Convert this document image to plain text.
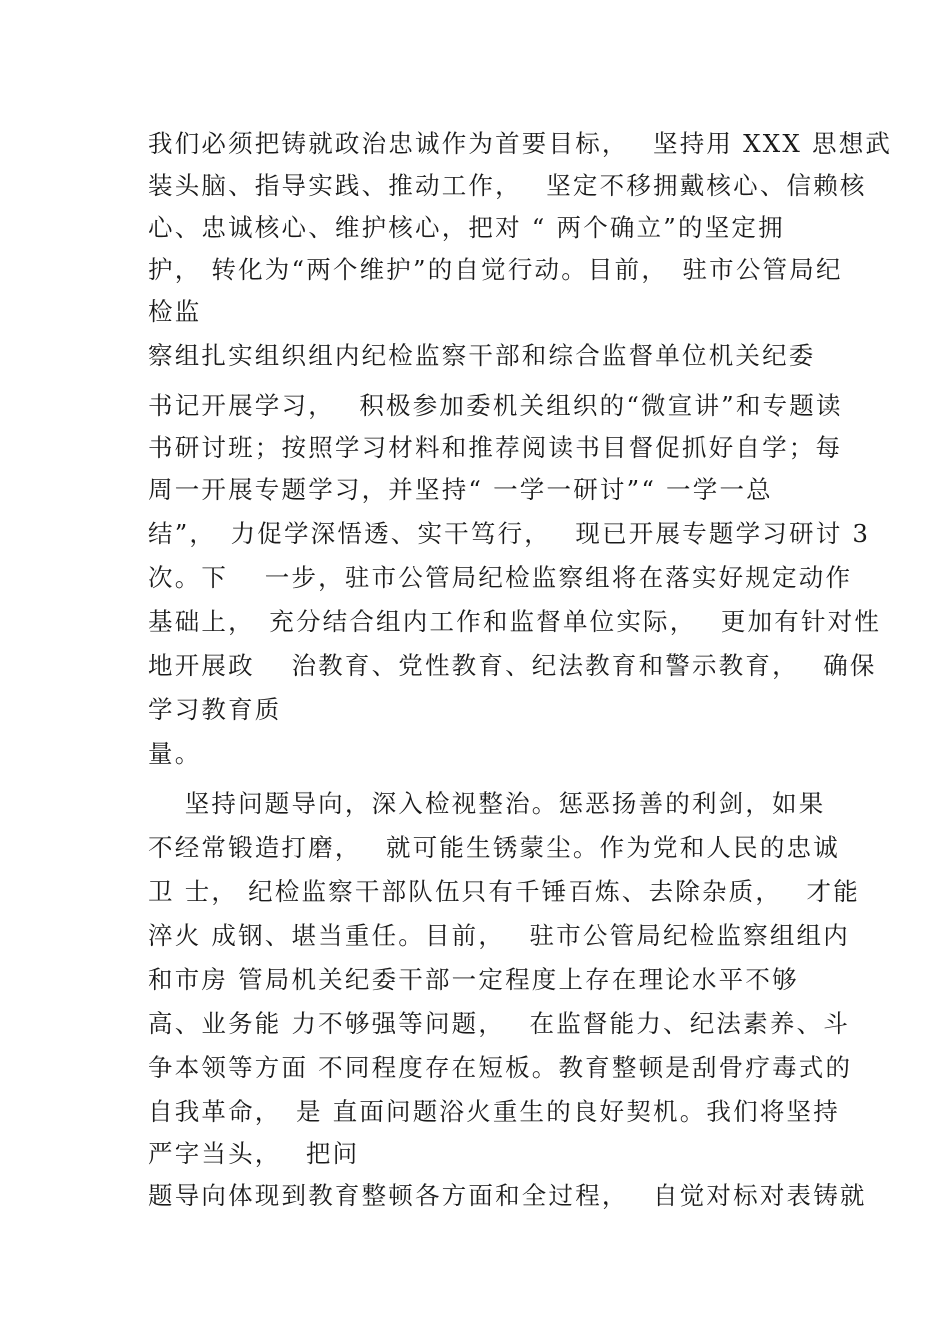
我们必须把铸就政治忠诚作为首要目标，　 坚持用 XXX 思想武
装头脑、指导实践、推动工作，　 坚定不移拥戴核心、信赖核
心、忠诚核心、维护核心，把对 “ 两个确立”的坚定拥
护， 转化为“两个维护”的自觉行动。目前，　驻市公管局纪
检监
察组扎实组织组内纪检监察干部和综合监督单位机关纪委
书记开展学习，　 积极参加委机关组织的“微宣讲”和专题读
书研讨班；按照学习材料和推荐阅读书目督促抓好自学；每
周一开展专题学习，并坚持“ 一学一研讨”“ 一学一总
结”，　力促学深悟透、实干笃行，　 现已开展专题学习研讨 3
次。下　 一步，驻市公管局纪检监察组将在落实好规定动作
基础上，　充分结合组内工作和监督单位实际，　 更加有针对性
地开展政　 治教育、党性教育、纪法教育和警示教育，　 确保
学习教育质
量。
　 坚持问题导向，深入检视整治。惩恶扬善的利剑，如果
不经常锻造打磨，　 就可能生锈蒙尘。作为党和人民的忠诚
卫 士， 纪检监察干部队伍只有千锤百炼、去除杂质，　 才能
淬火 成钢、堪当重任。目前，　 驻市公管局纪检监察组组内
和市房 管局机关纪委干部一定程度上存在理论水平不够
高、业务能 力不够强等问题，　 在监督能力、纪法素养、斗
争本领等方面 不同程度存在短板。教育整顿是刮骨疗毒式的
自我革命，　是 直面问题浴火重生的良好契机。我们将坚持
严字当头，　 把问
题导向体现到教育整顿各方面和全过程，　 自觉对标对表铸就
